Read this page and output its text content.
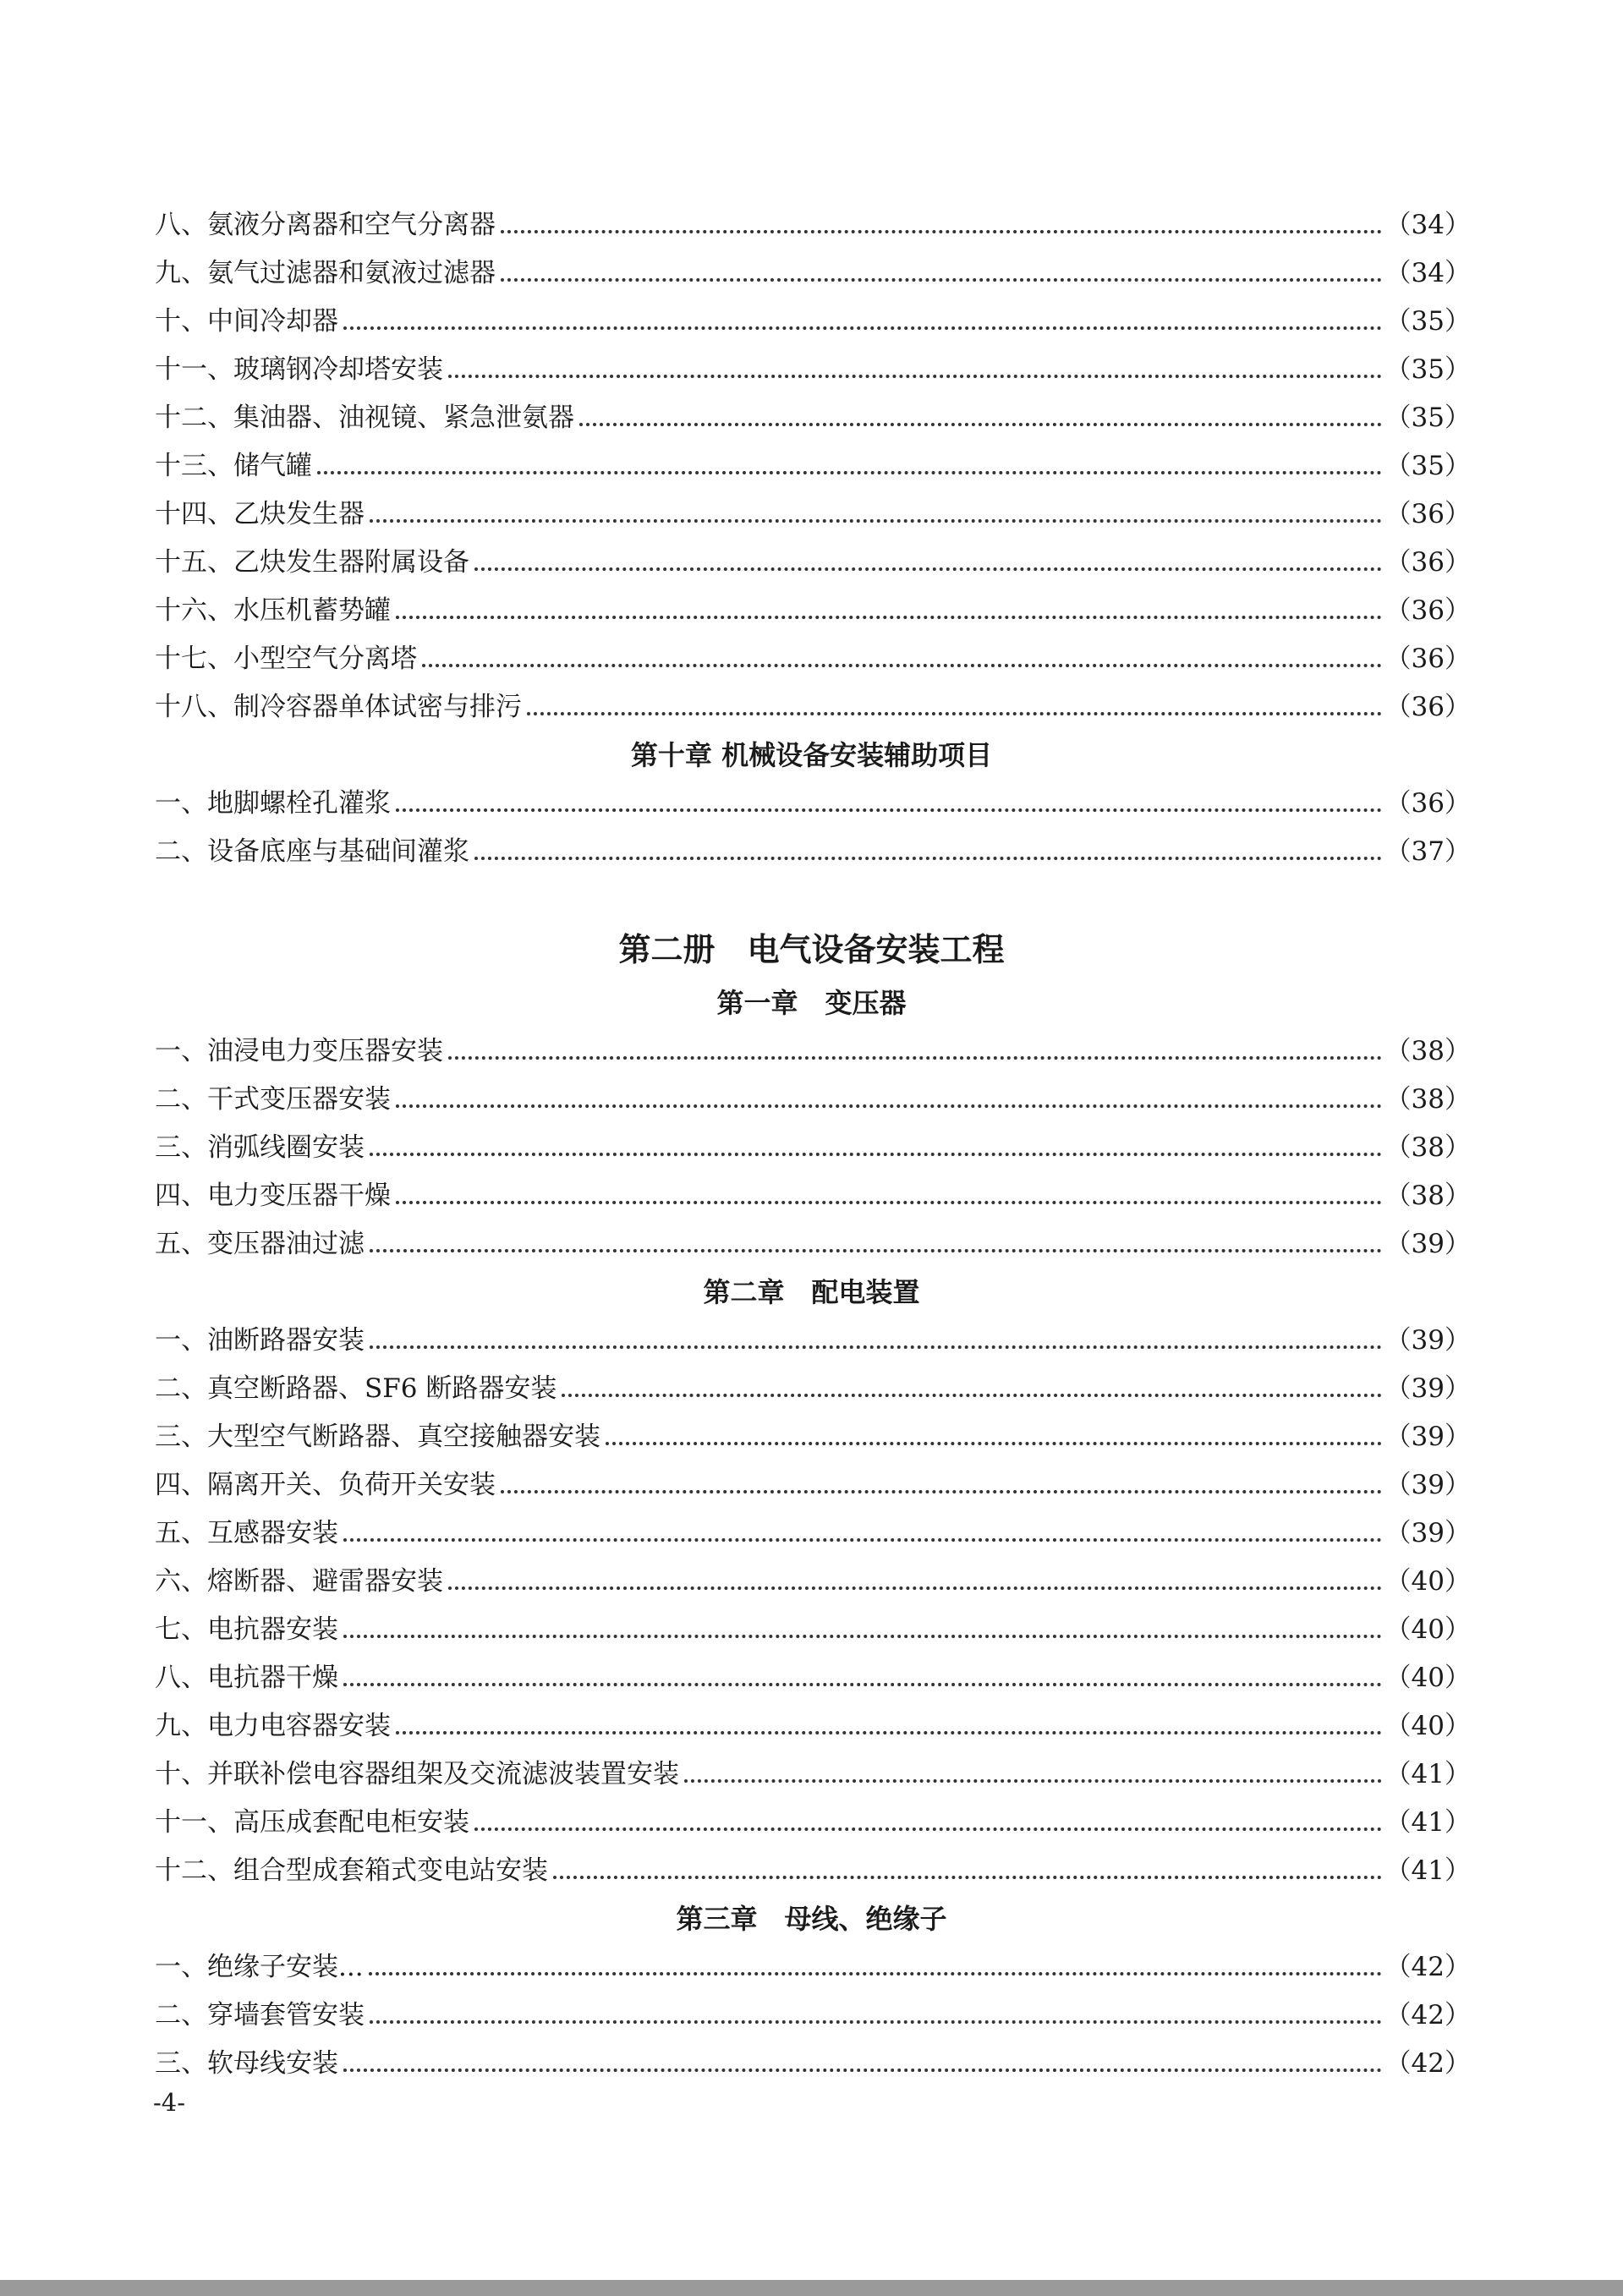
八、氨液分离器和空气分离器	（34）
九、氨气过滤器和氨液过滤器	（34）
十、中间冷却器	（35）
十一、玻璃钢冷却塔安装	（35）
十二、集油器、油视镜、紧急泄氨器	（35）
十三、储气罐	（35）
十四、乙炔发生器	（36）
十五、乙炔发生器附属设备	（36）
十六、水压机蓄势罐	（36）
十七、小型空气分离塔	（36）
十八、制冷容器单体试密与排污	（36）
第十章 机械设备安装辅助项目
一、地脚螺栓孔灌浆	（36）
二、设备底座与基础间灌浆	（37）
第二册　电气设备安装工程
第一章　变压器
一、油浸电力变压器安装	（38）
二、干式变压器安装	（38）
三、消弧线圈安装	（38）
四、电力变压器干燥	（38）
五、变压器油过滤	（39）
第二章　配电装置
一、油断路器安装	（39）
二、真空断路器、SF6 断路器安装	（39）
三、大型空气断路器、真空接触器安装	（39）
四、隔离开关、负荷开关安装	（39）
五、互感器安装	（39）
六、熔断器、避雷器安装	（40）
七、电抗器安装	（40）
八、电抗器干燥	（40）
九、电力电容器安装	（40）
十、并联补偿电容器组架及交流滤波装置安装	（41）
十一、高压成套配电柜安装	（41）
十二、组合型成套箱式变电站安装	（41）
第三章　母线、绝缘子
一、绝缘子安装...	（42）
二、穿墙套管安装	（42）
三、软母线安装	（42）
-4-
